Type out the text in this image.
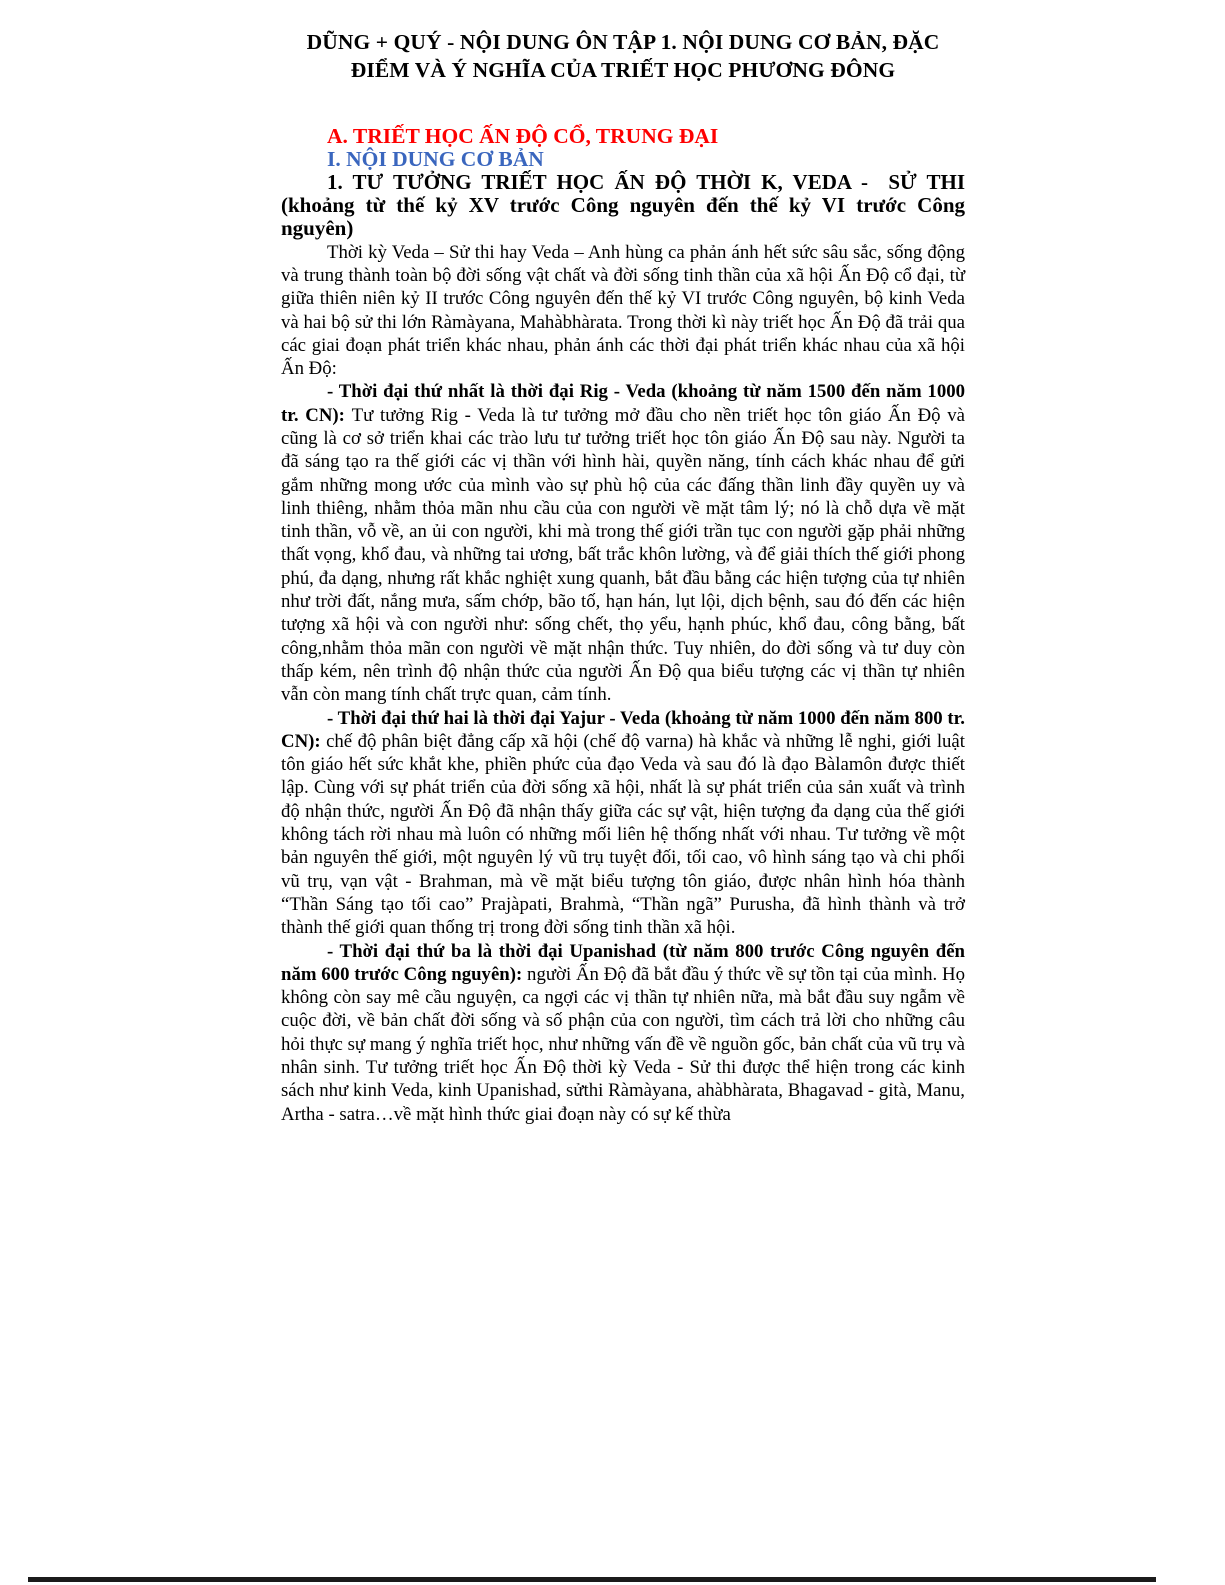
DŨNG + QUÝ - NỘI DUNG ÔN TẬP 1. NỘI DUNG CƠ BẢN, ĐẶC
ĐIỂM VÀ Ý NGHĨA CỦA TRIẾT HỌC PHƯƠNG ĐÔNG
A. TRIẾT HỌC ẤN ĐỘ CỔ, TRUNG ĐẠI
I. NỘI DUNG CƠ BẢN
1. TƯ TƯỞNG TRIẾT HỌC ẤN ĐỘ THỜI K, VEDA -  SỬ THI (khoảng từ thế kỷ XV trước Công nguyên đến thế kỷ VI trước Công nguyên)

Thời kỳ Veda – Sử thi hay Veda – Anh hùng ca phản ánh hết sức sâu sắc, sống động và trung thành toàn bộ đời sống vật chất và đời sống tinh thần của xã hội Ấn Độ cổ đại, từ giữa thiên niên kỷ II trước Công nguyên đến thế kỷ VI trước Công nguyên, bộ kinh Veda và hai bộ sử thi lớn Ràmàyana, Mahàbhàrata. Trong thời kì này triết học Ấn Độ đã trải qua các giai đoạn phát triển khác nhau, phản ánh các thời đại phát triển khác nhau của xã hội Ấn Độ:

- Thời đại thứ nhất là thời đại Rig - Veda (khoảng từ năm 1500 đến năm 1000 tr. CN): Tư tưởng Rig - Veda là tư tưởng mở đầu cho nền triết học tôn giáo Ấn Độ và cũng là cơ sở triển khai các trào lưu tư tưởng triết học tôn giáo Ấn Độ sau này. Người ta đã sáng tạo ra thế giới các vị thần với hình hài, quyền năng, tính cách khác nhau để gửi gắm những mong ước của mình vào sự phù hộ của các đấng thần linh đầy quyền uy và linh thiêng, nhằm thỏa mãn nhu cầu của con người về mặt tâm lý; nó là chỗ dựa về mặt tinh thần, vỗ về, an ủi con người, khi mà trong thế giới trần tục con người gặp phải những thất vọng, khổ đau, và những tai ương, bất trắc khôn lường, và để giải thích thế giới phong phú, đa dạng, nhưng rất khắc nghiệt xung quanh, bắt đầu bằng các hiện tượng của tự nhiên như trời đất, nắng mưa, sấm chớp, bão tố, hạn hán, lụt lội, dịch bệnh, sau đó đến các hiện tượng xã hội và con người như: sống chết, thọ yểu, hạnh phúc, khổ đau, công bằng, bất công,nhằm thỏa mãn con người về mặt nhận thức. Tuy nhiên, do đời sống và tư duy còn thấp kém, nên trình độ nhận thức của người Ấn Độ qua biểu tượng các vị thần tự nhiên vẫn còn mang tính chất trực quan, cảm tính.

- Thời đại thứ hai là thời đại Yajur - Veda (khoảng từ năm 1000 đến năm 800 tr. CN): chế độ phân biệt đẳng cấp xã hội (chế độ varna) hà khắc và những lễ nghi, giới luật tôn giáo hết sức khắt khe, phiền phức của đạo Veda và sau đó là đạo Bàlamôn được thiết lập. Cùng với sự phát triển của đời sống xã hội, nhất là sự phát triển của sản xuất và trình độ nhận thức, người Ấn Độ đã nhận thấy giữa các sự vật, hiện tượng đa dạng của thế giới không tách rời nhau mà luôn có những mối liên hệ thống nhất với nhau. Tư tưởng về một bản nguyên thế giới, một nguyên lý vũ trụ tuyệt đối, tối cao, vô hình sáng tạo và chi phối vũ trụ, vạn vật - Brahman, mà về mặt biểu tượng tôn giáo, được nhân hình hóa thành “Thần Sáng tạo tối cao” Prajàpati, Brahmà, “Thần ngã” Purusha, đã hình thành và trở thành thế giới quan thống trị trong đời sống tinh thần xã hội.

- Thời đại thứ ba là thời đại Upanishad (từ năm 800 trước Công nguyên đến năm 600 trước Công nguyên): người Ấn Độ đã bắt đầu ý thức về sự tồn tại của mình. Họ không còn say mê cầu nguyện, ca ngợi các vị thần tự nhiên nữa, mà bắt đầu suy ngẫm về cuộc đời, về bản chất đời sống và số phận của con người, tìm cách trả lời cho những câu hỏi thực sự mang ý nghĩa triết học, như những vấn đề về nguồn gốc, bản chất của vũ trụ và nhân sinh. Tư tưởng triết học Ấn Độ thời kỳ Veda - Sử thi được thể hiện trong các kinh sách như kinh Veda, kinh Upanishad, sửthi Ràmàyana, ahàbhàrata, Bhagavad - gità, Manu, Artha - satra…về mặt hình thức giai đoạn này có sự kế thừa
